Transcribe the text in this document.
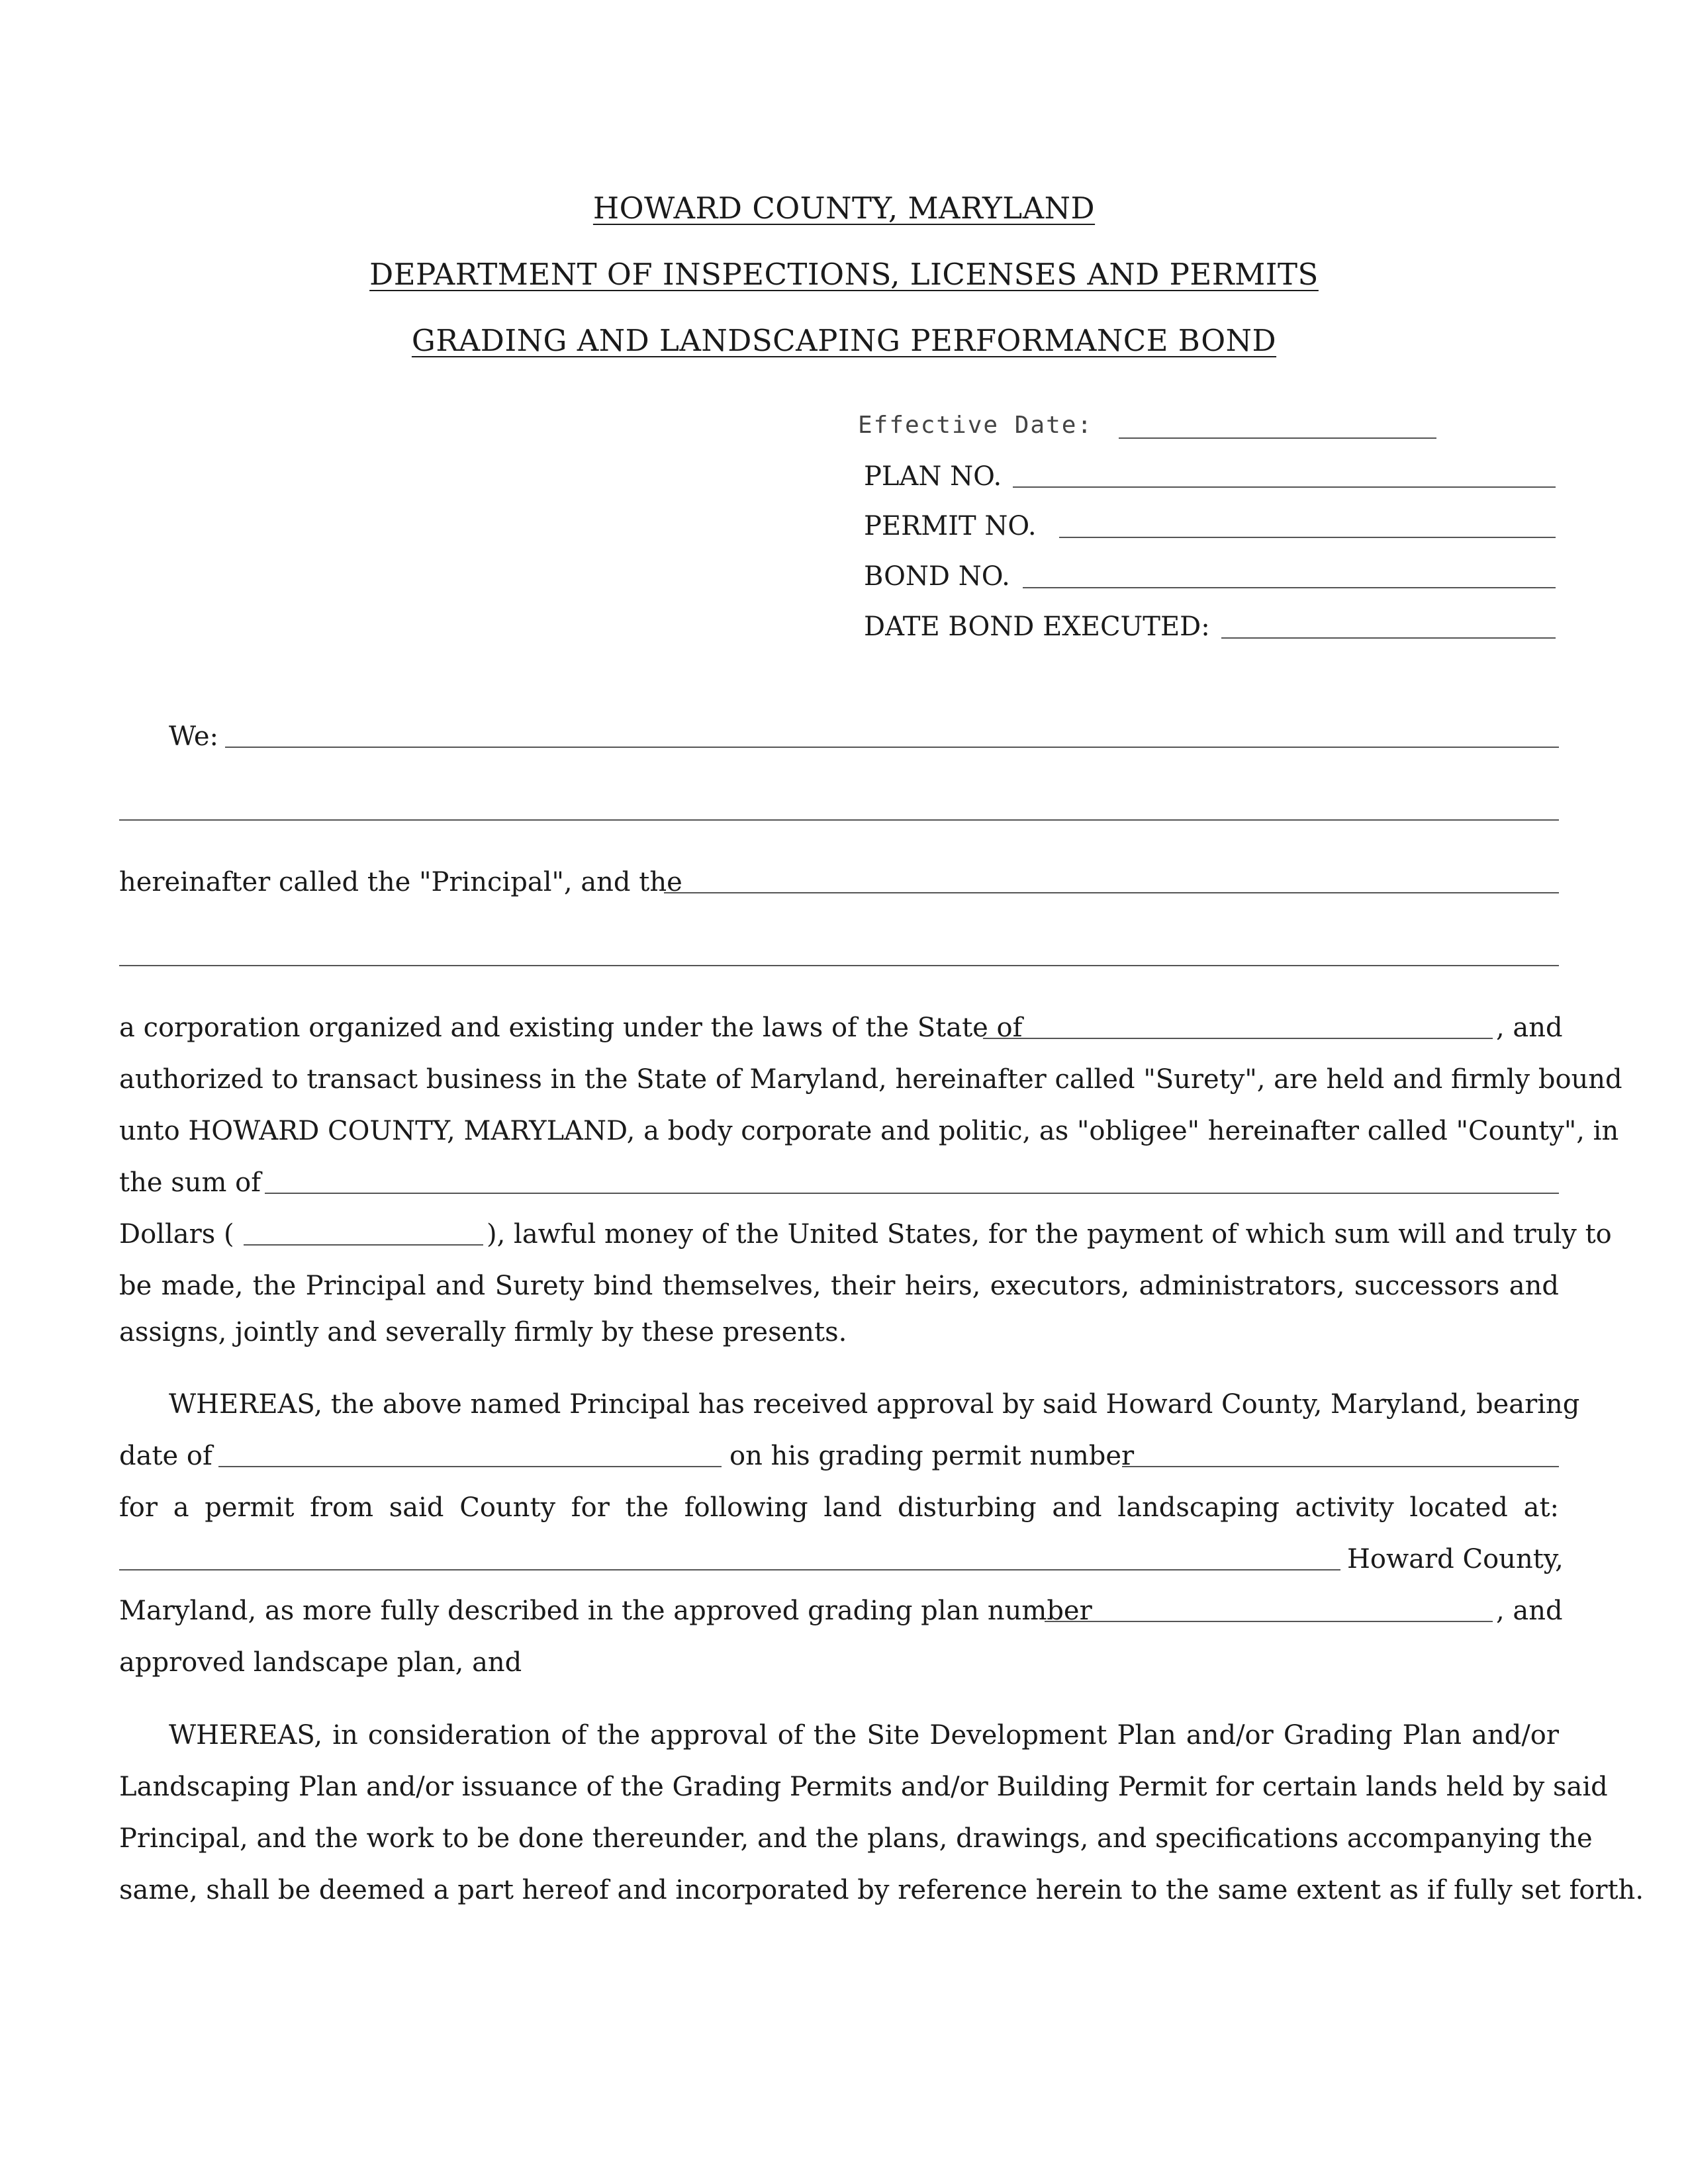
HOWARD COUNTY, MARYLAND
DEPARTMENT OF INSPECTIONS, LICENSES AND PERMITS
GRADING AND LANDSCAPING PERFORMANCE BOND
Effective Date:
PLAN NO.
PERMIT NO.
BOND NO.
DATE BOND EXECUTED:
We:
hereinafter called the "Principal", and the
a corporation organized and existing under the laws of the State of	, and
authorized to transact business in the State of Maryland, hereinafter called "Surety", are held and firmly bound
unto HOWARD COUNTY, MARYLAND, a body corporate and politic, as "obligee" hereinafter called "County", in
the sum of
Dollars (	), lawful money of the United States, for the payment of which sum will and truly to
be made, the Principal and Surety bind themselves, their heirs, executors, administrators, successors and
assigns, jointly and severally firmly by these presents.
WHEREAS, the above named Principal has received approval by said Howard County, Maryland, bearing
date of	on his grading permit number
for a permit from said County for the following land disturbing and landscaping activity located at:
Howard County,
Maryland, as more fully described in the approved grading plan number	, and
approved landscape plan, and
WHEREAS, in consideration of the approval of the Site Development Plan and/or Grading Plan and/or
Landscaping Plan and/or issuance of the Grading Permits and/or Building Permit for certain lands held by said
Principal, and the work to be done thereunder, and the plans, drawings, and specifications accompanying the
same, shall be deemed a part hereof and incorporated by reference herein to the same extent as if fully set forth.
